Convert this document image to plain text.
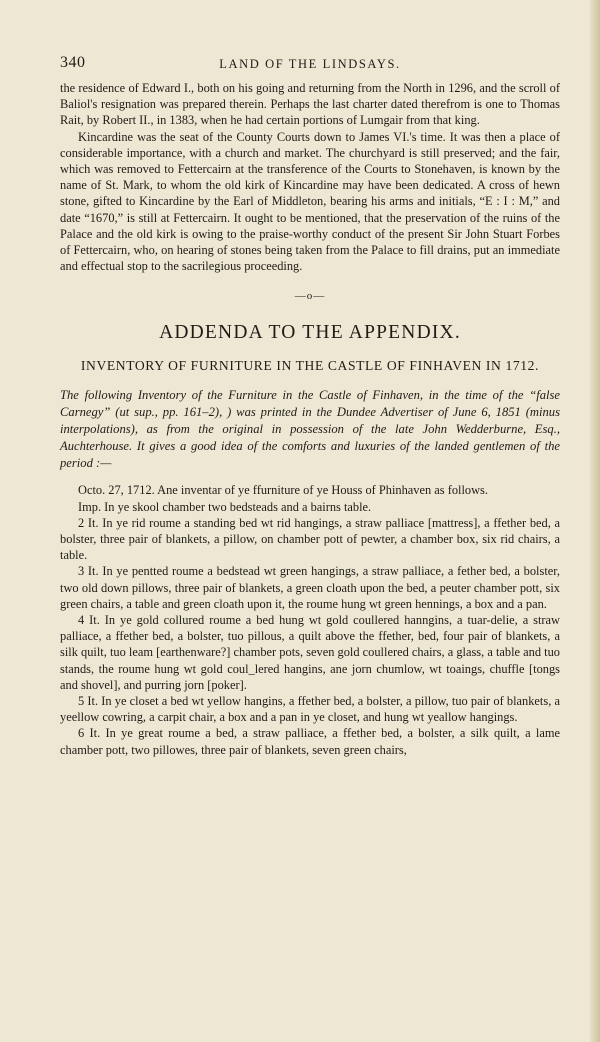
340	LAND OF THE LINDSAYS.

the residence of Edward I., both on his going and returning from the North in 1296, and the scroll of Baliol's resignation was prepared therein. Perhaps the last charter dated therefrom is one to Thomas Rait, by Robert II., in 1383, when he had certain portions of Lumgair from that king.

Kincardine was the seat of the County Courts down to James VI.'s time. It was then a place of considerable importance, with a church and market. The churchyard is still preserved; and the fair, which was removed to Fettercairn at the transference of the Courts to Stonehaven, is known by the name of St. Mark, to whom the old kirk of Kincardine may have been dedicated. A cross of hewn stone, gifted to Kincardine by the Earl of Middleton, bearing his arms and initials, “E : I : M,” and date “1670,” is still at Fettercairn. It ought to be mentioned, that the preservation of the ruins of the Palace and the old kirk is owing to the praise-worthy conduct of the present Sir John Stuart Forbes of Fettercairn, who, on hearing of stones being taken from the Palace to fill drains, put an immediate and effectual stop to the sacrilegious proceeding.

—o—
ADDENDA TO THE APPENDIX.
INVENTORY OF FURNITURE IN THE CASTLE OF FINHAVEN IN 1712.

The following Inventory of the Furniture in the Castle of Finhaven, in the time of the “false Carnegy” (ut sup., pp. 161–2), ) was printed in the Dundee Advertiser of June 6, 1851 (minus interpolations), as from the original in possession of the late John Wedderburne, Esq., Auchterhouse. It gives a good idea of the comforts and luxuries of the landed gentlemen of the period :—

Octo. 27, 1712. Ane inventar of ye ffurniture of ye Houss of Phinhaven as follows.

Imp. In ye skool chamber two bedsteads and a bairns table.

2 It. In ye rid roume a standing bed wt rid hangings, a straw palliace [mattress], a ffether bed, a bolster, three pair of blankets, a pillow, on chamber pott of pewter, a chamber box, six rid chairs, a table.

3 It. In ye pentted roume a bedstead wt green hangings, a straw palliace, a fether bed, a bolster, two old down pillows, three pair of blankets, a green cloath upon the bed, a peuter chamber pott, six green chairs, a table and green cloath upon it, the roume hung wt green hennings, a box and a pan.

4 It. In ye gold collured roume a bed hung wt gold coullered hanngins, a tuar-delie, a straw palliace, a ffether bed, a bolster, tuo pillous, a quilt above the ffether, bed, four pair of blankets, a silk quilt, tuo leam [earthenware?] chamber pots, seven gold coullered chairs, a glass, a table and tuo stands, the roume hung wt gold coul_lered hangins, ane jorn chumlow, wt toaings, chuffle [tongs and shovel], and purring jorn [poker].

5 It. In ye closet a bed wt yellow hangins, a ffether bed, a bolster, a pillow, tuo pair of blankets, a yeellow cowring, a carpit chair, a box and a pan in ye closet, and hung wt yeallow hangings.

6 It. In ye great roume a bed, a straw palliace, a ffether bed, a bolster, a silk quilt, a lame chamber pott, two pillowes, three pair of blankets, seven green chairs,
